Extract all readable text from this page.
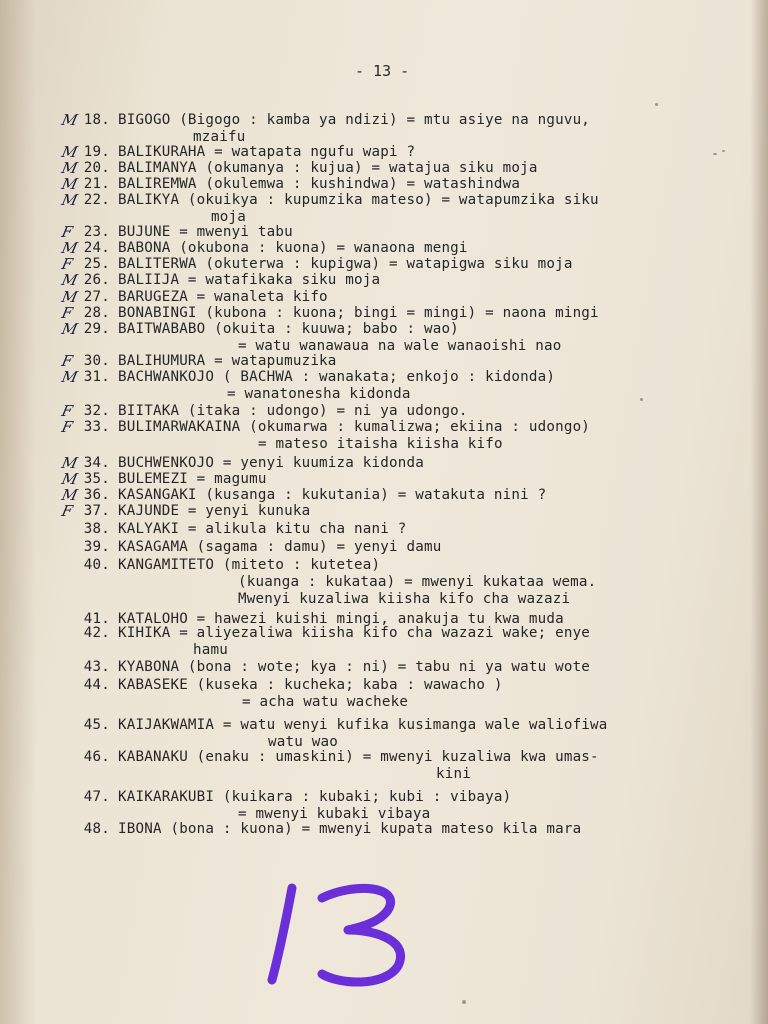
- 13 -
18. BIGOGO (Bigogo : kamba ya ndizi) = mtu asiye na nguvu,
M
mzaifu
19. BALIKURAHA = watapata ngufu wapi ?
M
20. BALIMANYA (okumanya : kujua) = watajua siku moja
M
21. BALIREMWA (okulemwa : kushindwa) = watashindwa
M
22. BALIKYA (okuikya : kupumzika mateso) = watapumzika siku
M
moja
23. BUJUNE = mwenyi tabu
F
24. BABONA (okubona : kuona) = wanaona mengi
M
25. BALITERWA (okuterwa : kupigwa) = watapigwa siku moja
F
26. BALIIJA = watafikaka siku moja
M
27. BARUGEZA = wanaleta kifo
M
28. BONABINGI (kubona : kuona; bingi = mingi) = naona mingi
F
29. BAITWABABO (okuita : kuuwa; babo : wao)
M
= watu wanawaua na wale wanaoishi nao
30. BALIHUMURA = watapumuzika
F
31. BACHWANKOJO ( BACHWA : wanakata; enkojo : kidonda)
M
= wanatonesha kidonda
32. BIITAKA (itaka : udongo) = ni ya udongo.
F
33. BULIMARWAKAINA (okumarwa : kumalizwa; ekiina : udongo)
F
= mateso itaisha kiisha kifo
34. BUCHWENKOJO = yenyi kuumiza kidonda
M
35. BULEMEZI = magumu
M
36. KASANGAKI (kusanga : kukutania) = watakuta nini ?
M
37. KAJUNDE = yenyi kunuka
F
38. KALYAKI = alikula kitu cha nani ?
39. KASAGAMA (sagama : damu) = yenyi damu
40. KANGAMITETO (miteto : kutetea)
(kuanga : kukataa) = mwenyi kukataa wema.
Mwenyi kuzaliwa kiisha kifo cha wazazi
41. KATALOHO = hawezi kuishi mingi, anakuja tu kwa muda
42. KIHIKA = aliyezaliwa kiisha kifo cha wazazi wake; enye
hamu
43. KYABONA (bona : wote; kya : ni) = tabu ni ya watu wote
44. KABASEKE (kuseka : kucheka; kaba : wawacho )
= acha watu wacheke
45. KAIJAKWAMIA = watu wenyi kufika kusimanga wale waliofiwa
watu wao
46. KABANAKU (enaku : umaskini) = mwenyi kuzaliwa kwa umas-
kini
47. KAIKARAKUBI (kuikara : kubaki; kubi : vibaya)
= mwenyi kubaki vibaya
48. IBONA (bona : kuona) = mwenyi kupata mateso kila mara
